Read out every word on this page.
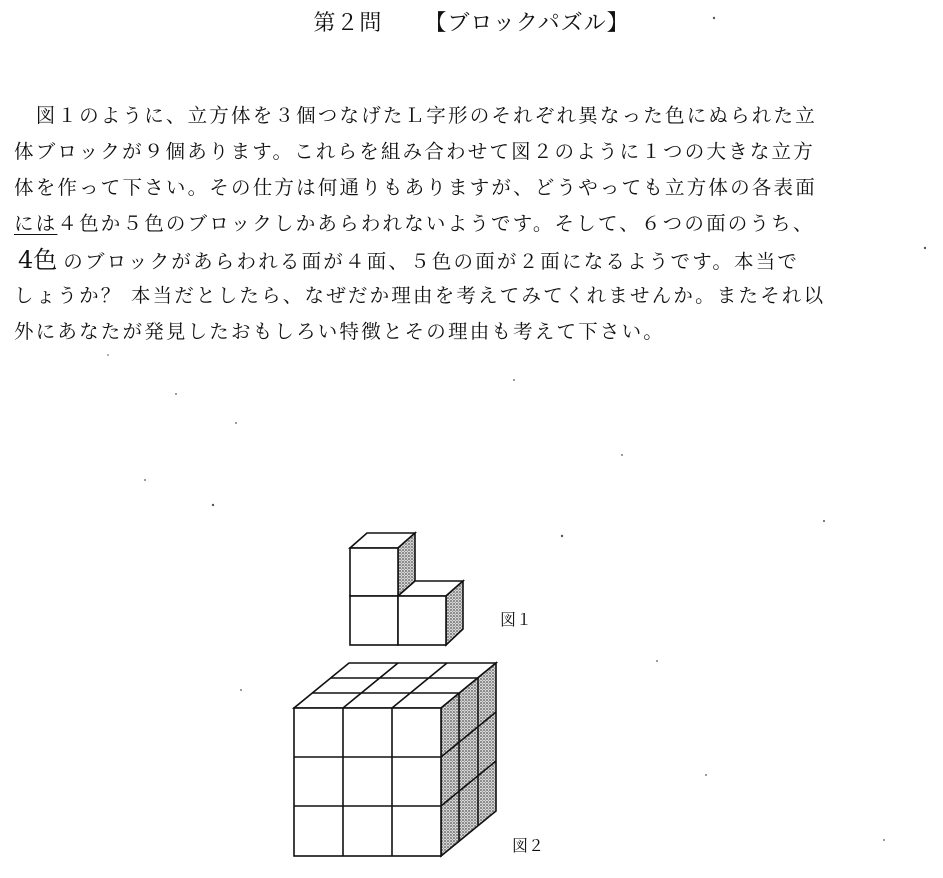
第２問 【ブロックパズル】
　図１のように、立方体を３個つなげたＬ字形のそれぞれ異なった色にぬられた立
体ブロックが９個あります。これらを組み合わせて図２のように１つの大きな立方
体を作って下さい。その仕方は何通りもありますが、どうやっても立方体の各表面
には４色か５色のブロックしかあらわれないようです。そして、６つの面のうち、
4色 のブロックがあらわれる面が４面、５色の面が２面になるようです。本当で
しょうか？ 本当だとしたら、なぜだか理由を考えてみてくれませんか。またそれ以
外にあなたが発見したおもしろい特徴とその理由も考えて下さい。
図１
図２
